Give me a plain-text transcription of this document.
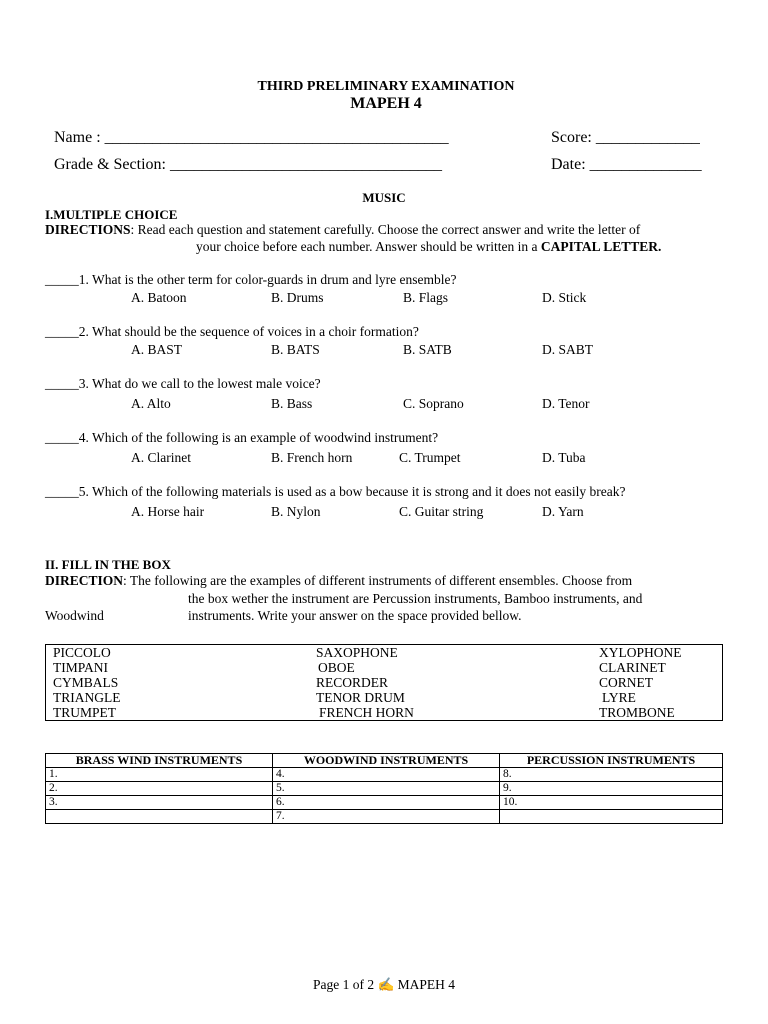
THIRD PRELIMINARY EXAMINATION
MAPEH 4
Name : ___________________________________________	Score: _____________
Grade & Section: __________________________________	Date: ______________
MUSIC
I.MULTIPLE CHOICE
DIRECTIONS: Read each question and statement carefully. Choose the correct answer and write the letter of
your choice before each number. Answer should be written in a CAPITAL LETTER.
_____1. What is the other term for color-guards in drum and lyre ensemble?
A. Batoon	B. Drums	B. Flags	D. Stick
_____2. What should be the sequence of voices in a choir formation?
A. BAST	B. BATS	B. SATB	D. SABT
_____3. What do we call to the lowest male voice?
A. Alto	B. Bass	C. Soprano	D. Tenor
_____4. Which of the following is an example of woodwind instrument?
A. Clarinet	B. French horn	C. Trumpet	D. Tuba
_____5. Which of the following materials is used as a bow because it is strong and it does not easily break?
A. Horse hair	B. Nylon	C. Guitar string	D. Yarn
II. FILL IN THE BOX
DIRECTION: The following are the examples of different instruments of different ensembles. Choose from
the box wether the instrument are Percussion instruments, Bamboo instruments, and
Woodwind	instruments. Write your answer on the space provided bellow.
PICCOLO	SAXOPHONE	XYLOPHONE
TIMPANI	OBOE	CLARINET
CYMBALS	RECORDER	CORNET
TRIANGLE	TENOR DRUM	LYRE
TRUMPET	FRENCH HORN	TROMBONE
BRASS WIND INSTRUMENTS	WOODWIND INSTRUMENTS	PERCUSSION INSTRUMENTS
1.	4.	8.
2.	5.	9.
3.	6.	10.
	7.	
Page 1 of 2 ✍ MAPEH 4
